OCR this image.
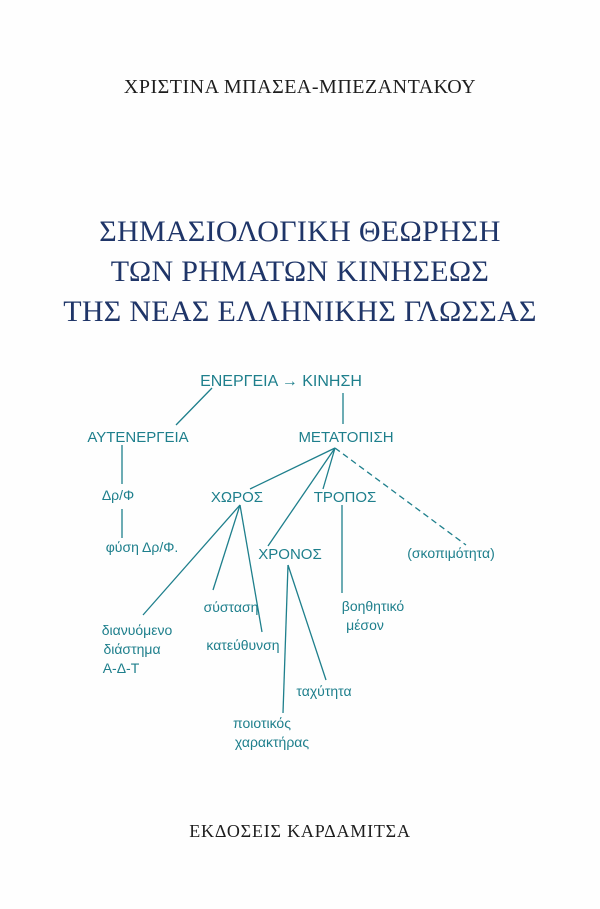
ΧΡΙΣΤΙΝΑ ΜΠΑΣΕΑ-ΜΠΕΖΑΝΤΑΚΟΥ
ΣΗΜΑΣΙΟΛΟΓΙΚΗ ΘΕΩΡΗΣΗ
ΤΩΝ ΡΗΜΑΤΩΝ ΚΙΝΗΣΕΩΣ
ΤΗΣ ΝΕΑΣ ΕΛΛΗΝΙΚΗΣ ΓΛΩΣΣΑΣ
ΕΝΕΡΓΕΙΑ → ΚΙΝΗΣΗ
ΑΥΤΕΝΕΡΓΕΙΑ	ΜΕΤΑΤΟΠΙΣΗ
Δρ/Φ
φύση Δρ/Φ.
ΧΩΡΟΣ	ΤΡΟΠΟΣ
ΧΡΟΝΟΣ	(σκοπιμότητα)
σύσταση
διανυόμενο
διάστημα
Α-Δ-Τ
κατεύθυνση
βοηθητικό
μέσον
ταχύτητα
ποιοτικός
χαρακτήρας
ΕΚΔΟΣΕΙΣ ΚΑΡΔΑΜΙΤΣΑ
